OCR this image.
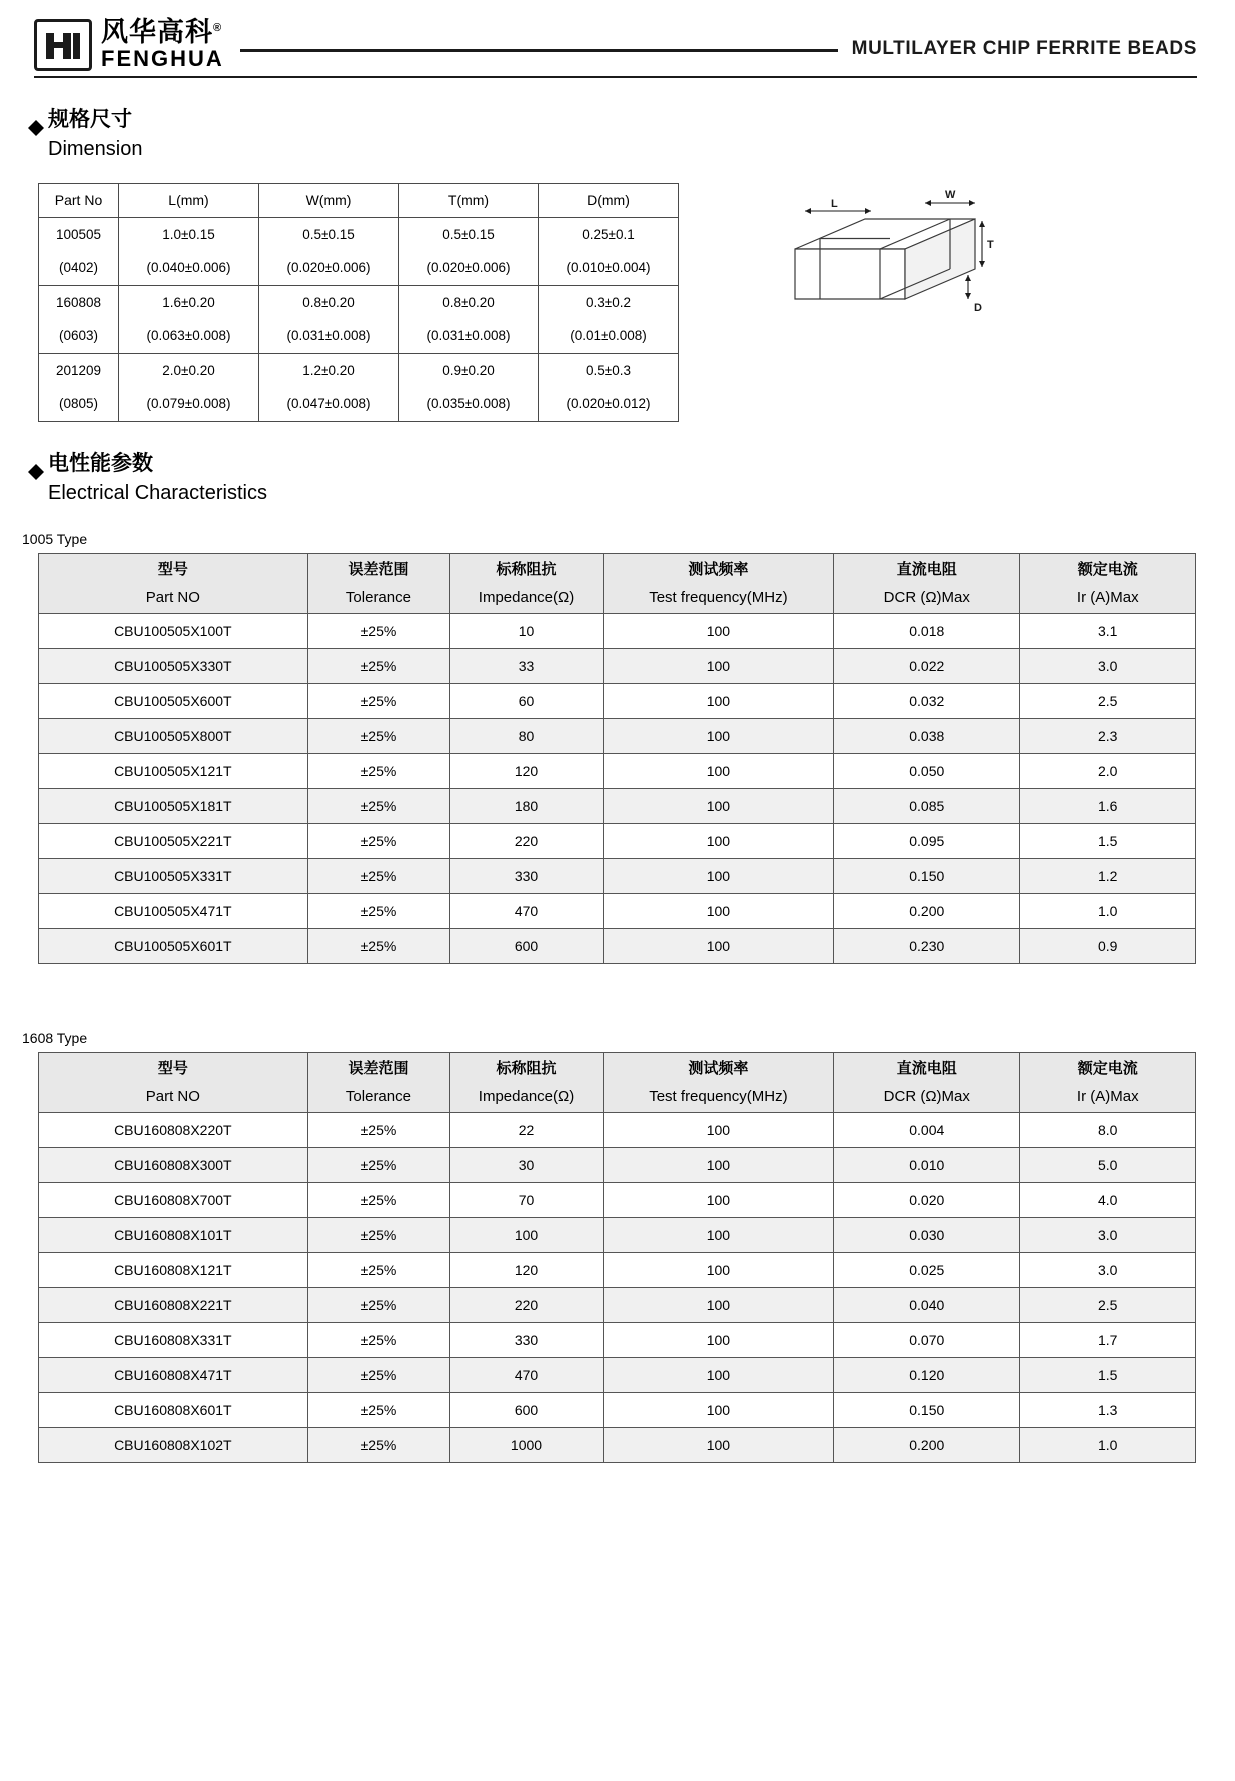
风华高科®
FENGHUA	MULTILAYER CHIP FERRITE BEADS
规格尺寸
Dimension
Part No	L(mm)	W(mm)	T(mm)	D(mm)
100505	1.0±0.15	0.5±0.15	0.5±0.15	0.25±0.1
(0402)	(0.040±0.006)	(0.020±0.006)	(0.020±0.006)	(0.010±0.004)
160808	1.6±0.20	0.8±0.20	0.8±0.20	0.3±0.2
(0603)	(0.063±0.008)	(0.031±0.008)	(0.031±0.008)	(0.01±0.008)
201209	2.0±0.20	1.2±0.20	0.9±0.20	0.5±0.3
(0805)	(0.079±0.008)	(0.047±0.008)	(0.035±0.008)	(0.020±0.012)
L
W
T
D
电性能参数
Electrical Characteristics
1005 Type
型号	误差范围	标称阻抗	测试频率	直流电阻	额定电流
Part NO	Tolerance	Impedance(Ω)	Test frequency(MHz)	DCR (Ω)Max	Ir (A)Max
CBU100505X100T	±25%	10	100	0.018	3.1
CBU100505X330T	±25%	33	100	0.022	3.0
CBU100505X600T	±25%	60	100	0.032	2.5
CBU100505X800T	±25%	80	100	0.038	2.3
CBU100505X121T	±25%	120	100	0.050	2.0
CBU100505X181T	±25%	180	100	0.085	1.6
CBU100505X221T	±25%	220	100	0.095	1.5
CBU100505X331T	±25%	330	100	0.150	1.2
CBU100505X471T	±25%	470	100	0.200	1.0
CBU100505X601T	±25%	600	100	0.230	0.9
1608 Type
型号	误差范围	标称阻抗	测试频率	直流电阻	额定电流
Part NO	Tolerance	Impedance(Ω)	Test frequency(MHz)	DCR (Ω)Max	Ir (A)Max
CBU160808X220T	±25%	22	100	0.004	8.0
CBU160808X300T	±25%	30	100	0.010	5.0
CBU160808X700T	±25%	70	100	0.020	4.0
CBU160808X101T	±25%	100	100	0.030	3.0
CBU160808X121T	±25%	120	100	0.025	3.0
CBU160808X221T	±25%	220	100	0.040	2.5
CBU160808X331T	±25%	330	100	0.070	1.7
CBU160808X471T	±25%	470	100	0.120	1.5
CBU160808X601T	±25%	600	100	0.150	1.3
CBU160808X102T	±25%	1000	100	0.200	1.0
